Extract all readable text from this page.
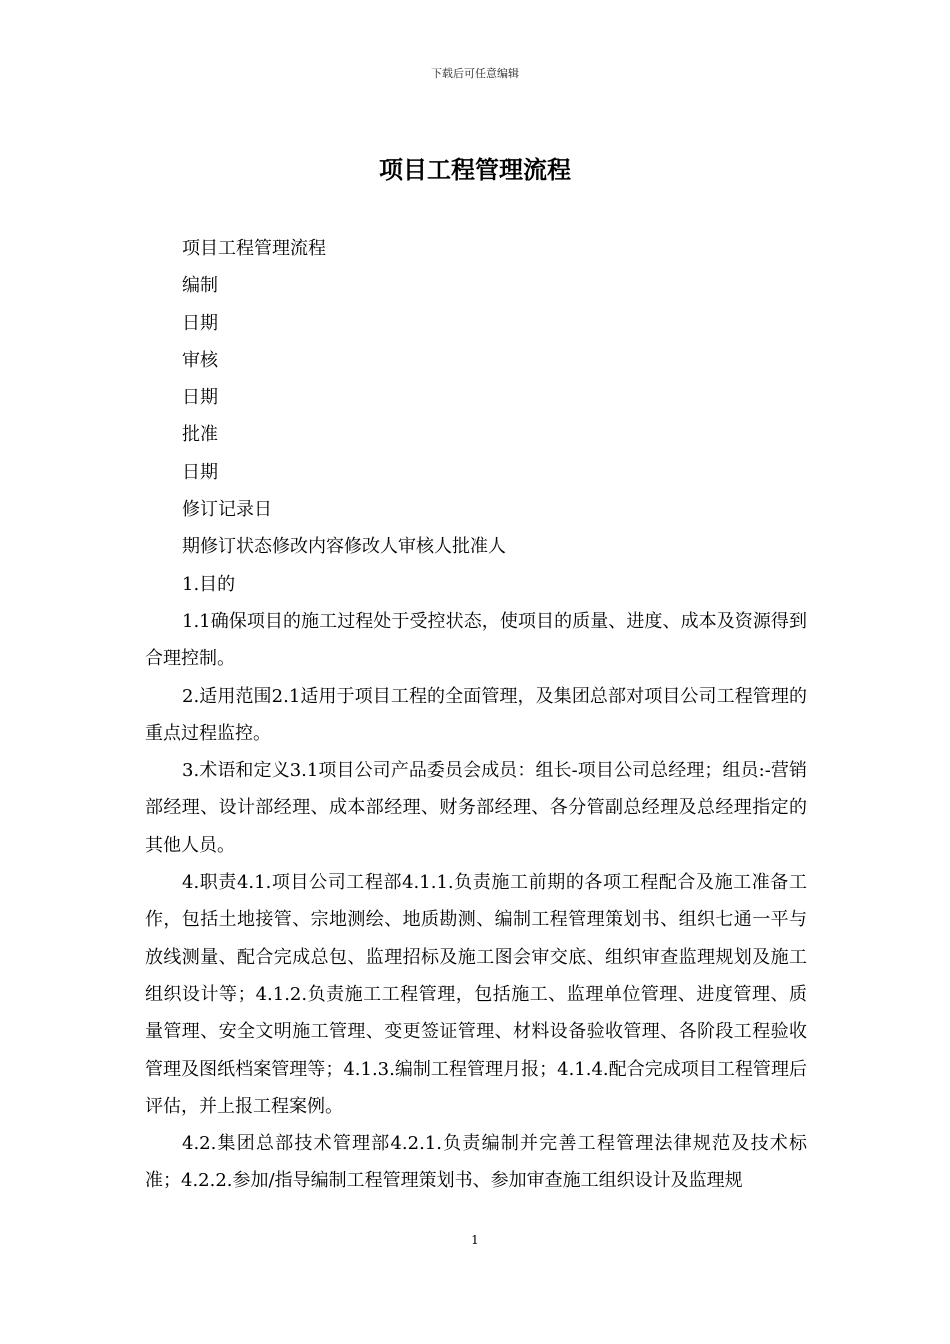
下载后可任意编辑
项目工程管理流程

项目工程管理流程

编制

日期

审核

日期

批准

日期

修订记录日

期修订状态修改内容修改人审核人批准人

1.目的

1.1确保项目的施工过程处于受控状态，使项目的质量、进度、成本及资源得到合理控制。

2.适用范围2.1适用于项目工程的全面管理，及集团总部对项目公司工程管理的重点过程监控。

3.术语和定义3.1项目公司产品委员会成员：组长-项目公司总经理；组员:-营销部经理、设计部经理、成本部经理、财务部经理、各分管副总经理及总经理指定的其他人员。

4.职责4.1.项目公司工程部4.1.1.负责施工前期的各项工程配合及施工准备工作，包括土地接管、宗地测绘、地质勘测、编制工程管理策划书、组织七通一平与放线测量、配合完成总包、监理招标及施工图会审交底、组织审查监理规划及施工组织设计等；4.1.2.负责施工工程管理，包括施工、监理单位管理、进度管理、质量管理、安全文明施工管理、变更签证管理、材料设备验收管理、各阶段工程验收管理及图纸档案管理等；4.1.3.编制工程管理月报；4.1.4.配合完成项目工程管理后评估，并上报工程案例。

4.2.集团总部技术管理部4.2.1.负责编制并完善工程管理法律规范及技术标准；4.2.2.参加/指导编制工程管理策划书、参加审查施工组织设计及监理规

1
